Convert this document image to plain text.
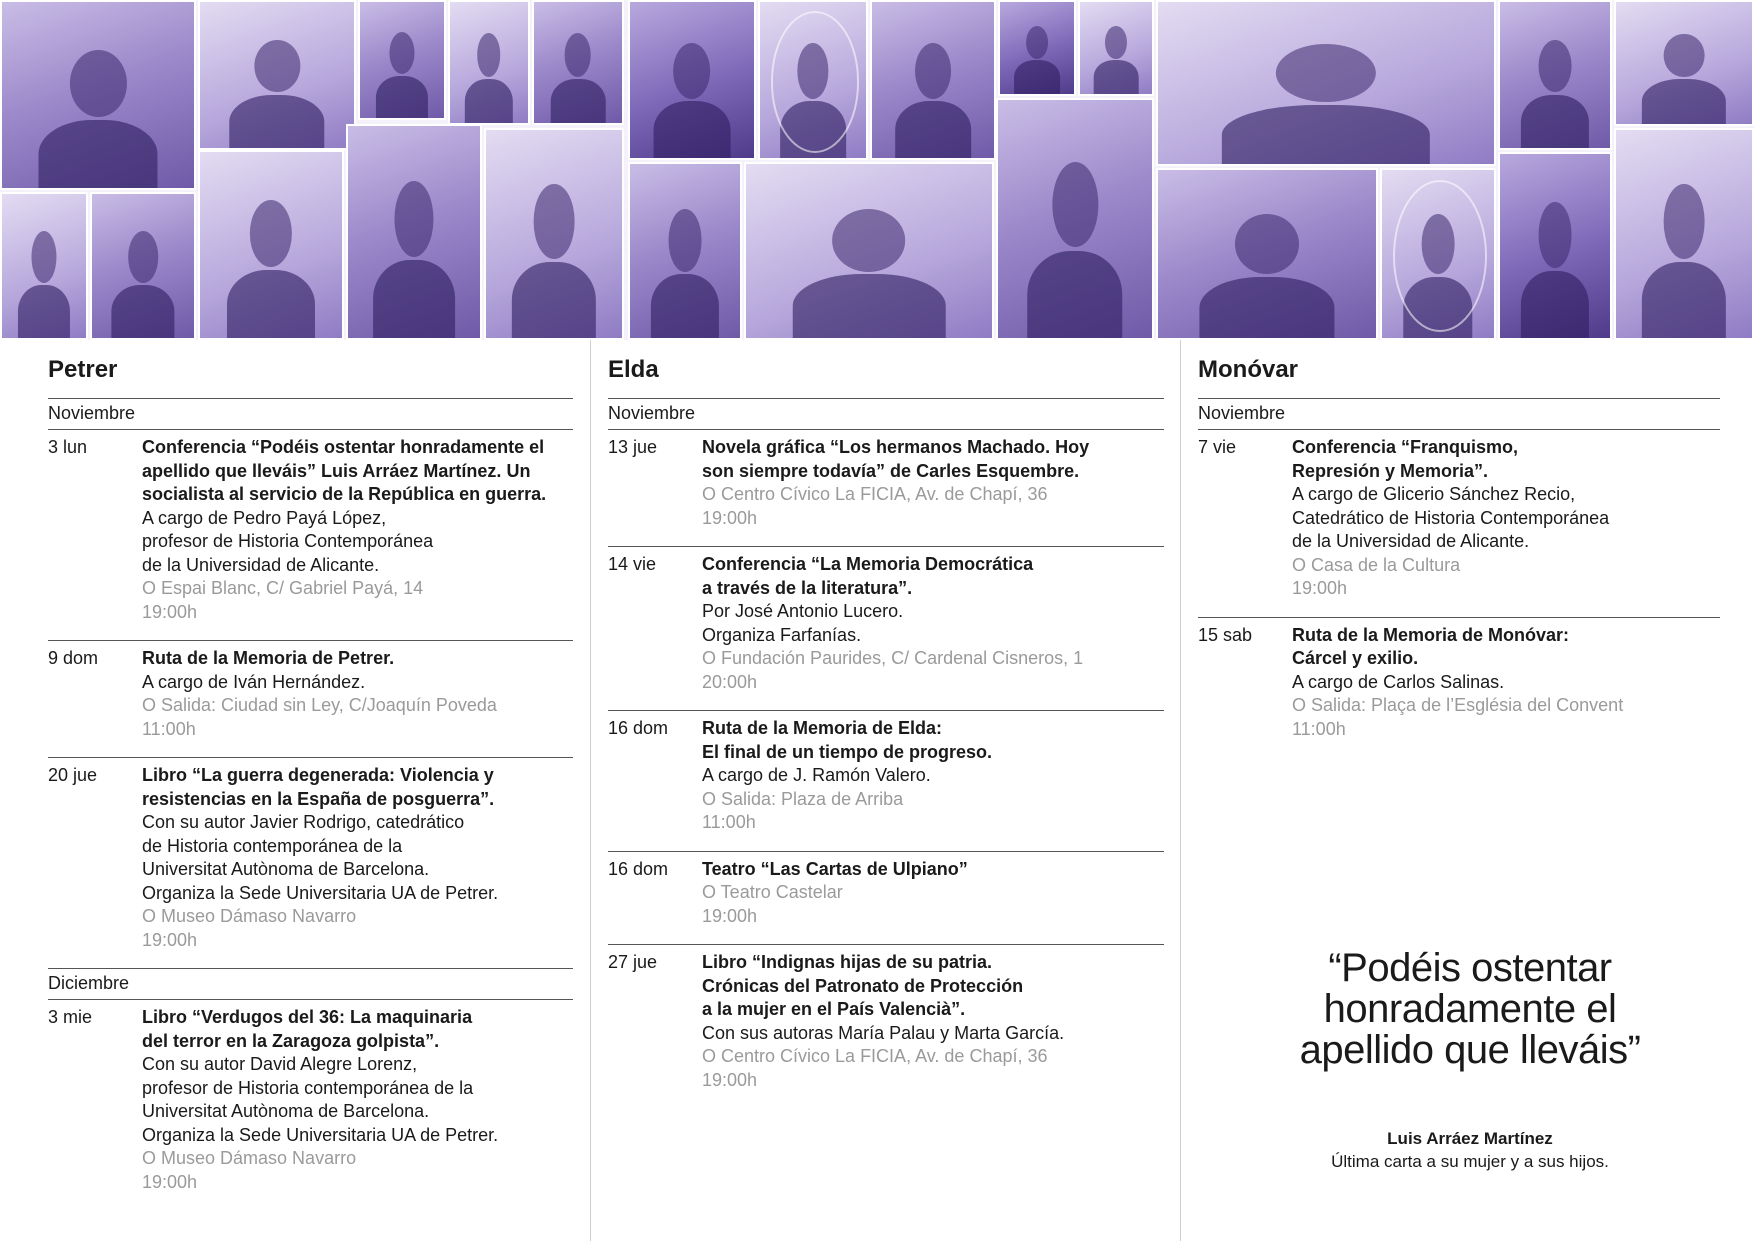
Petrer
Noviembre
3 lun	Conferencia “Podéis ostentar honradamente el apellido que lleváis” Luis Arráez Martínez. Un socialista al servicio de la República en guerra.
A cargo de Pedro Payá López,
profesor de Historia Contemporánea
de la Universidad de Alicante.
O Espai Blanc, C/ Gabriel Payá, 14
19:00h
9 dom	Ruta de la Memoria de Petrer.
A cargo de Iván Hernández.
O Salida: Ciudad sin Ley, C/Joaquín Poveda
11:00h
20 jue	Libro “La guerra degenerada: Violencia y resistencias en la España de posguerra”.
Con su autor Javier Rodrigo, catedrático
de Historia contemporánea de la
Universitat Autònoma de Barcelona.
Organiza la Sede Universitaria UA de Petrer.
O Museo Dámaso Navarro
19:00h
Diciembre
3 mie	Libro “Verdugos del 36: La maquinaria
del terror en la Zaragoza golpista”.
Con su autor David Alegre Lorenz,
profesor de Historia contemporánea de la
Universitat Autònoma de Barcelona.
Organiza la Sede Universitaria UA de Petrer.
O Museo Dámaso Navarro
19:00h
Elda
Noviembre
13 jue	Novela gráfica “Los hermanos Machado. Hoy
son siempre todavía” de Carles Esquembre.
O Centro Cívico La FICIA, Av. de Chapí, 36
19:00h
14 vie	Conferencia “La Memoria Democrática
a través de la literatura”.
Por José Antonio Lucero.
Organiza Farfanías.
O Fundación Paurides, C/ Cardenal Cisneros, 1
20:00h
16 dom	Ruta de la Memoria de Elda:
El final de un tiempo de progreso.
A cargo de J. Ramón Valero.
O Salida: Plaza de Arriba
11:00h
16 dom	Teatro “Las Cartas de Ulpiano”
O Teatro Castelar
19:00h
27 jue	Libro “Indignas hijas de su patria.
Crónicas del Patronato de Protección
a la mujer en el País Valencià”.
Con sus autoras María Palau y Marta García.
O Centro Cívico La FICIA, Av. de Chapí, 36
19:00h
Monóvar
Noviembre
7 vie	Conferencia “Franquismo,
Represión y Memoria”.
A cargo de Glicerio Sánchez Recio,
Catedrático de Historia Contemporánea
de la Universidad de Alicante.
O Casa de la Cultura
19:00h
15 sab	Ruta de la Memoria de Monóvar:
Cárcel y exilio.
A cargo de Carlos Salinas.
O Salida: Plaça de l’Església del Convent
11:00h
“Podéis ostentar
honradamente el
apellido que lleváis”
Luis Arráez Martínez
Última carta a su mujer y a sus hijos.
